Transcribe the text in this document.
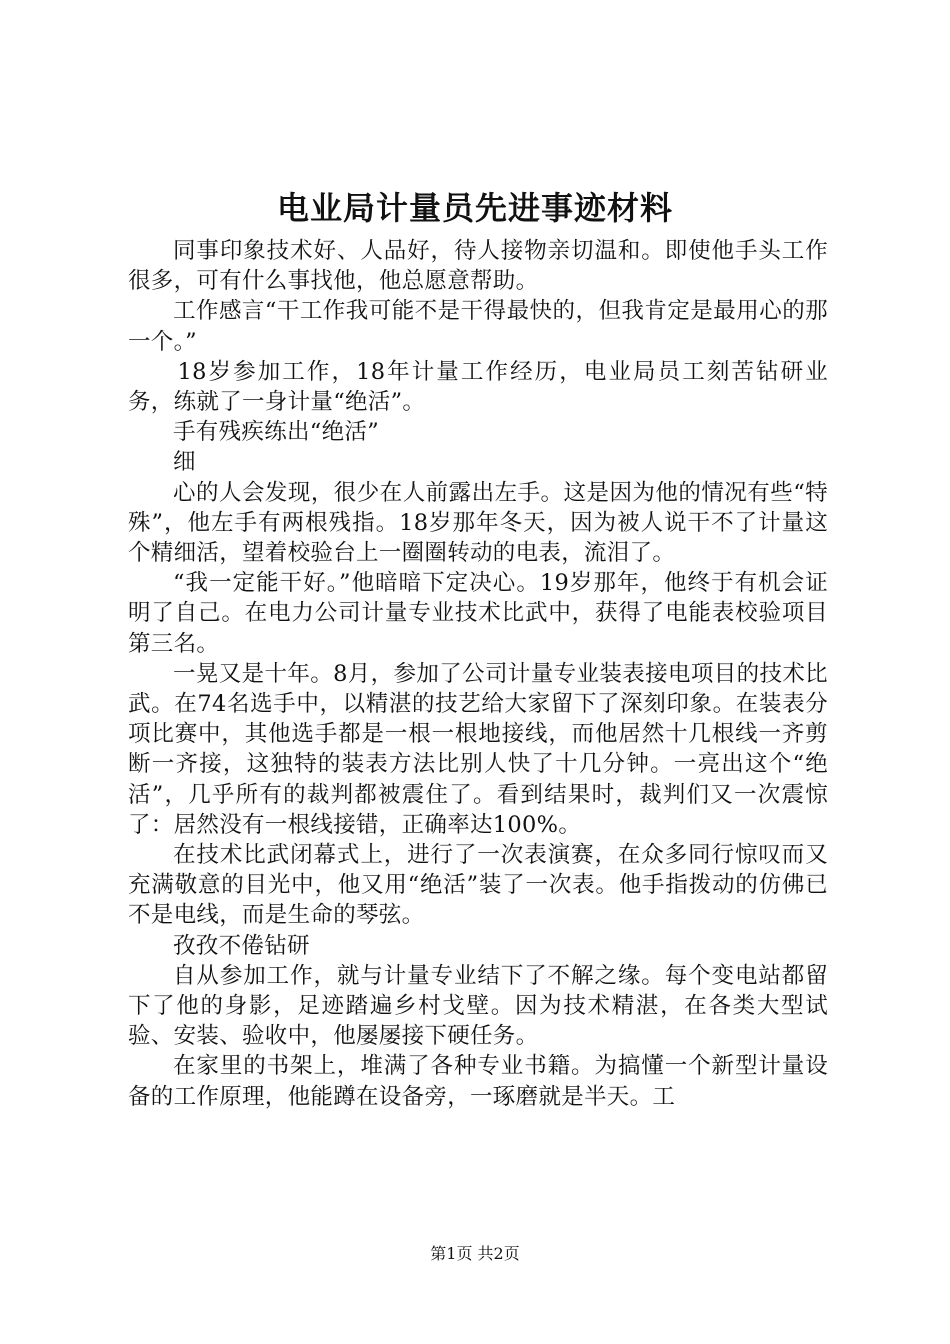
电业局计量员先进事迹材料

同事印象技术好、人品好，待人接物亲切温和。即使他手头工作很多，可有什么事找他，他总愿意帮助。

工作感言“干工作我可能不是干得最快的，但我肯定是最用心的那一个。”

18岁参加工作，18年计量工作经历，电业局员工刻苦钻研业务，练就了一身计量“绝活”。

手有残疾练出“绝活”

细

心的人会发现，很少在人前露出左手。这是因为他的情况有些“特殊”，他左手有两根残指。18岁那年冬天，因为被人说干不了计量这个精细活，望着校验台上一圈圈转动的电表，流泪了。

“我一定能干好。”他暗暗下定决心。19岁那年，他终于有机会证明了自己。在电力公司计量专业技术比武中，获得了电能表校验项目第三名。

一晃又是十年。8月，参加了公司计量专业装表接电项目的技术比武。在74名选手中，以精湛的技艺给大家留下了深刻印象。在装表分项比赛中，其他选手都是一根一根地接线，而他居然十几根线一齐剪断一齐接，这独特的装表方法比别人快了十几分钟。一亮出这个“绝活”，几乎所有的裁判都被震住了。看到结果时，裁判们又一次震惊了：居然没有一根线接错，正确率达100%。

在技术比武闭幕式上，进行了一次表演赛，在众多同行惊叹而又充满敬意的目光中，他又用“绝活”装了一次表。他手指拨动的仿佛已不是电线，而是生命的琴弦。

孜孜不倦钻研

自从参加工作，就与计量专业结下了不解之缘。每个变电站都留下了他的身影，足迹踏遍乡村戈壁。因为技术精湛，在各类大型试验、安装、验收中，他屡屡接下硬任务。

在家里的书架上，堆满了各种专业书籍。为搞懂一个新型计量设备的工作原理，他能蹲在设备旁，一琢磨就是半天。工

第1页 共2页
